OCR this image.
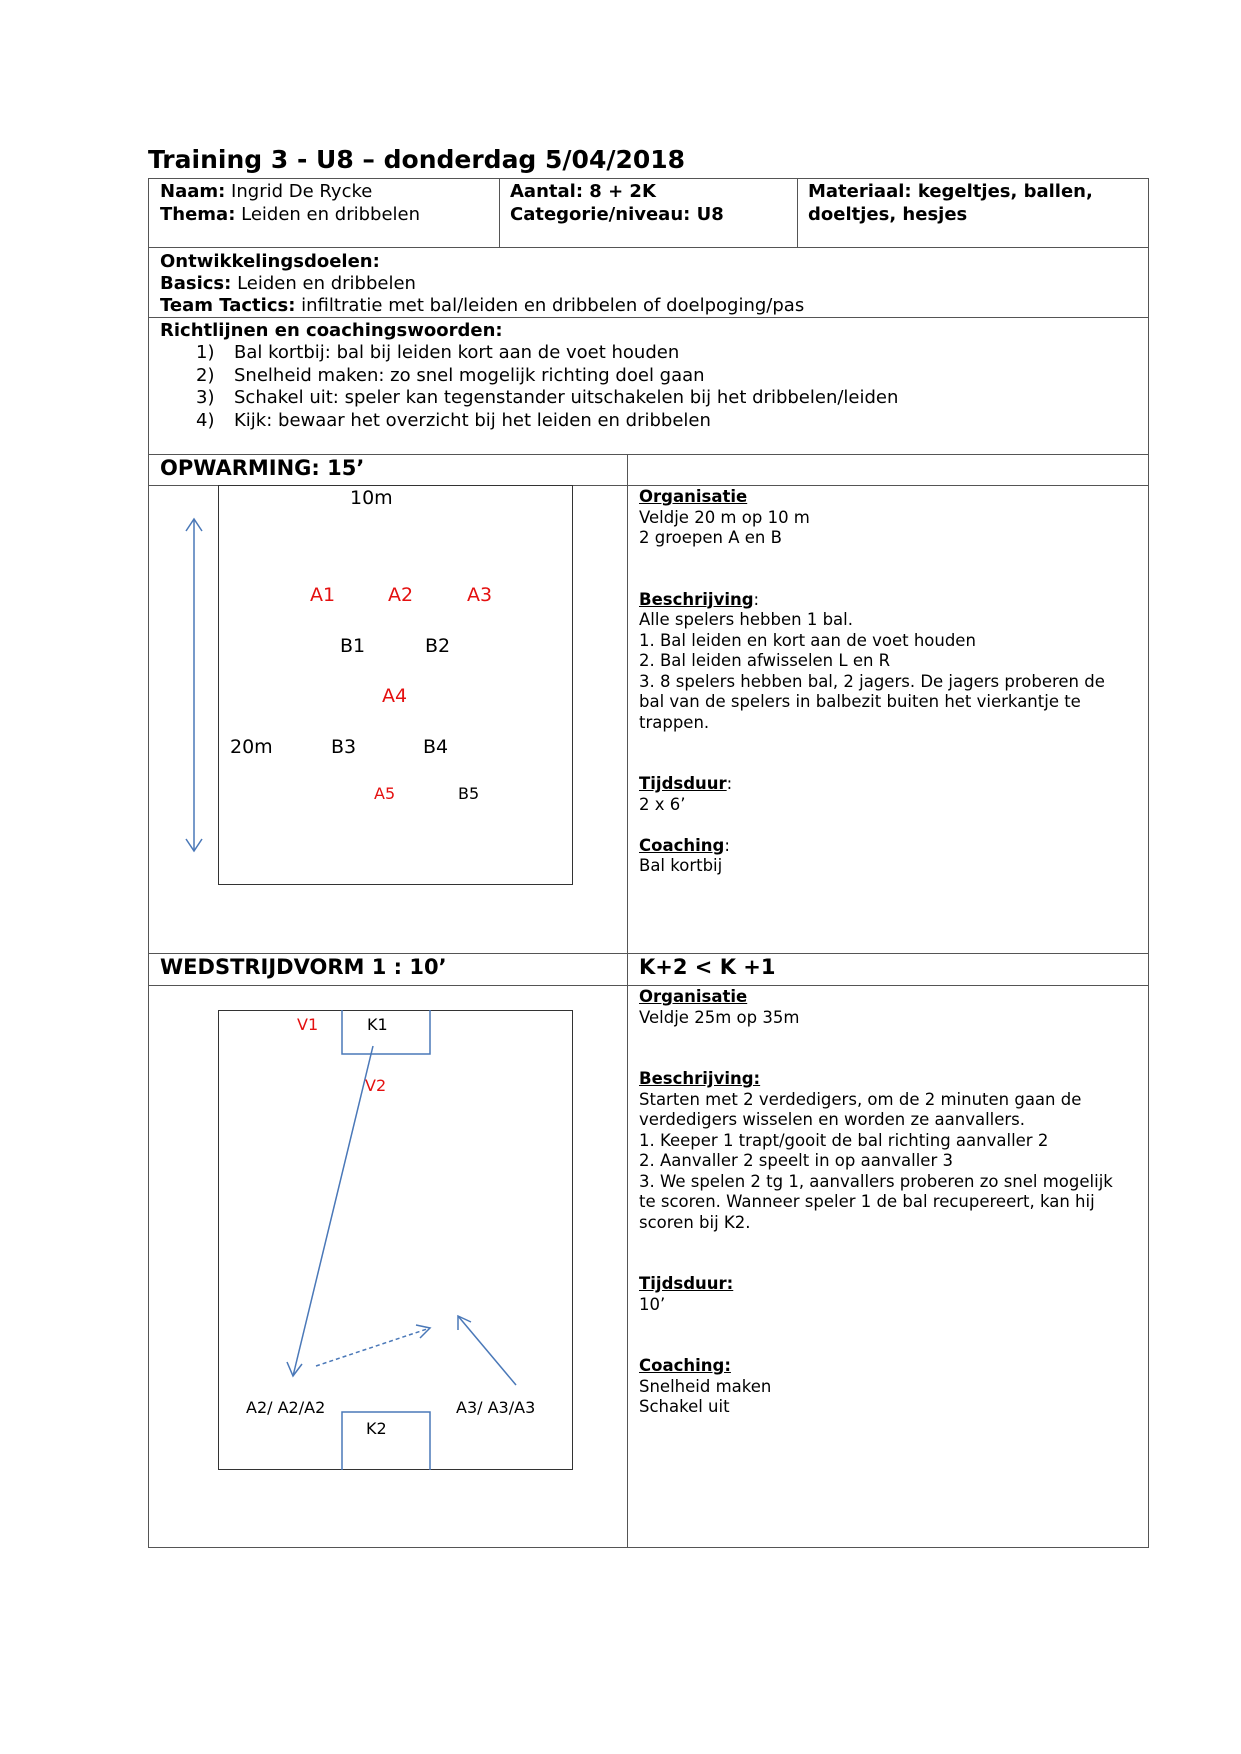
Training 3 - U8 – donderdag 5/04/2018
Naam: Ingrid De Rycke
Thema: Leiden en dribbelen
Aantal: 8 + 2K
Categorie/niveau: U8
Materiaal: kegeltjes, ballen,
doeltjes, hesjes
Ontwikkelingsdoelen:
Basics: Leiden en dribbelen
Team Tactics: infiltratie met bal/leiden en dribbelen of doelpoging/pas
Richtlijnen en coachingswoorden:
1) Bal kortbij: bal bij leiden kort aan de voet houden
2) Snelheid maken: zo snel mogelijk richting doel gaan
3) Schakel uit: speler kan tegenstander uitschakelen bij het dribbelen/leiden
4) Kijk: bewaar het overzicht bij het leiden en dribbelen
OPWARMING: 15’
10m
20m
A1	A2	A3
B1	B2
A4
B3	B4
A5	B5
Organisatie
Veldje 20 m op 10 m
2 groepen A en B
Beschrijving:
Alle spelers hebben 1 bal.
1. Bal leiden en kort aan de voet houden
2. Bal leiden afwisselen L en R
3. 8 spelers hebben bal, 2 jagers. De jagers proberen de
bal van de spelers in balbezit buiten het vierkantje te
trappen.
Tijdsduur:
2 x 6’
Coaching:
Bal kortbij
WEDSTRIJDVORM 1 : 10’	K+2 < K +1
V1	K1
V2
A2/ A2/A2	A3/ A3/A3
K2
Organisatie
Veldje 25m op 35m
Beschrijving:
Starten met 2 verdedigers, om de 2 minuten gaan de
verdedigers wisselen en worden ze aanvallers.
1. Keeper 1 trapt/gooit de bal richting aanvaller 2
2. Aanvaller 2 speelt in op aanvaller 3
3. We spelen 2 tg 1, aanvallers proberen zo snel mogelijk
te scoren. Wanneer speler 1 de bal recupereert, kan hij
scoren bij K2.
Tijdsduur:
10’
Coaching:
Snelheid maken
Schakel uit
